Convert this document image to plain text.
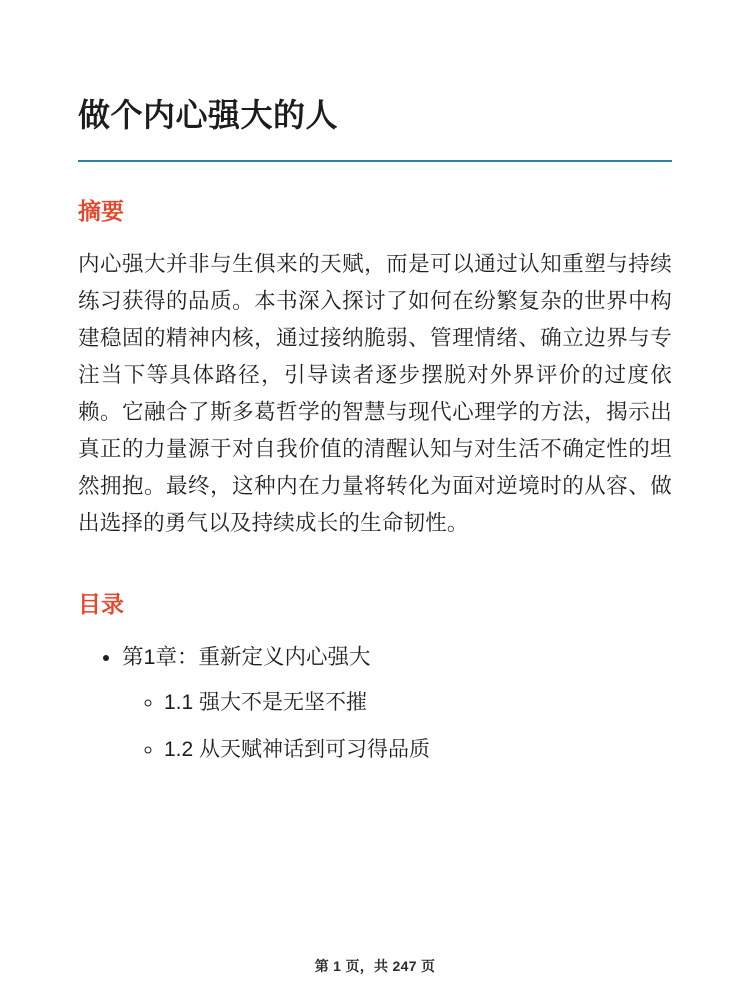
做个内心强大的人
摘要

内心强大并非与生俱来的天赋，而是可以通过认知重塑与持续练习获得的品质。本书深入探讨了如何在纷繁复杂的世界中构建稳固的精神内核，通过接纳脆弱、管理情绪、确立边界与专注当下等具体路径，引导读者逐步摆脱对外界评价的过度依赖。它融合了斯多葛哲学的智慧与现代心理学的方法，揭示出真正的力量源于对自我价值的清醒认知与对生活不确定性的坦然拥抱。最终，这种内在力量将转化为面对逆境时的从容、做出选择的勇气以及持续成长的生命韧性。

目录
• 第1章：重新定义内心强大
◦ 1.1 强大不是无坚不摧
◦ 1.2 从天赋神话到可习得品质
第 1 页，共 247 页
